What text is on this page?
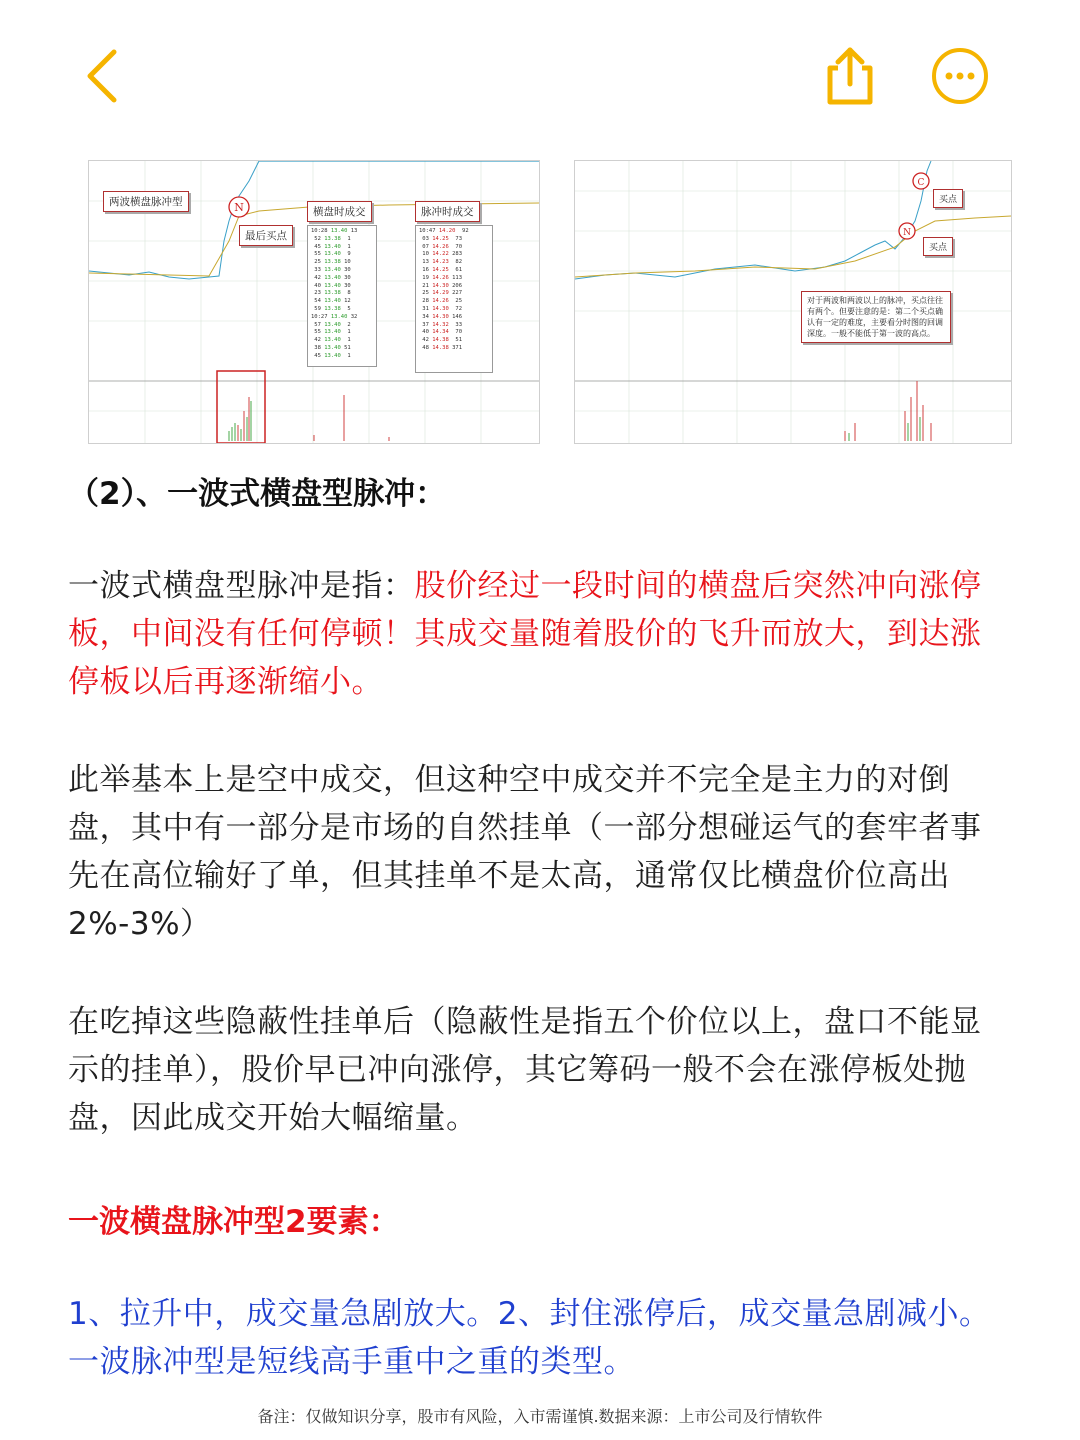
N
两波横盘脉冲型
最后买点
横盘时成交	脉冲时成交
10:28 13.40 13
52 13.38  1
45 13.40  1
55 13.40  9
25 13.38 10
33 13.40 30
42 13.40 30
40 13.40 30
23 13.38  8
54 13.40 12
59 13.38  5
10:27 13.40 32
57 13.40  2
55 13.40  1
42 13.40  1
38 13.40 51
45 13.40  1
10:47 14.20  92
03 14.25  73
07 14.26  70
10 14.22 283
13 14.23  82
16 14.25  61
19 14.26 113
21 14.30 206
25 14.29 227
28 14.26  25
31 14.30  72
34 14.30 146
37 14.32  33
40 14.34  70
42 14.38  51
48 14.38 371
C
N
买点
买点
对于两波和两波以上的脉冲，买点往往有两个。但要注意的是：第二个买点确认有一定的难度，主要看分时图的回调深度。一般不能低于第一波的高点。
（2）、一波式横盘型脉冲：
一波式横盘型脉冲是指：股价经过一段时间的横盘后突然冲向涨停板，中间没有任何停顿！其成交量随着股价的飞升而放大，到达涨停板以后再逐渐缩小。
此举基本上是空中成交，但这种空中成交并不完全是主力的对倒盘，其中有一部分是市场的自然挂单（一部分想碰运气的套牢者事先在高位输好了单，但其挂单不是太高，通常仅比横盘价位高出2%-3%）
在吃掉这些隐蔽性挂单后（隐蔽性是指五个价位以上，盘口不能显示的挂单），股价早已冲向涨停，其它筹码一般不会在涨停板处抛盘，因此成交开始大幅缩量。
一波横盘脉冲型2要素：
1、拉升中，成交量急剧放大。2、封住涨停后，成交量急剧减小。一波脉冲型是短线高手重中之重的类型。
备注：仅做知识分享，股市有风险，入市需谨慎.数据来源：上市公司及行情软件
